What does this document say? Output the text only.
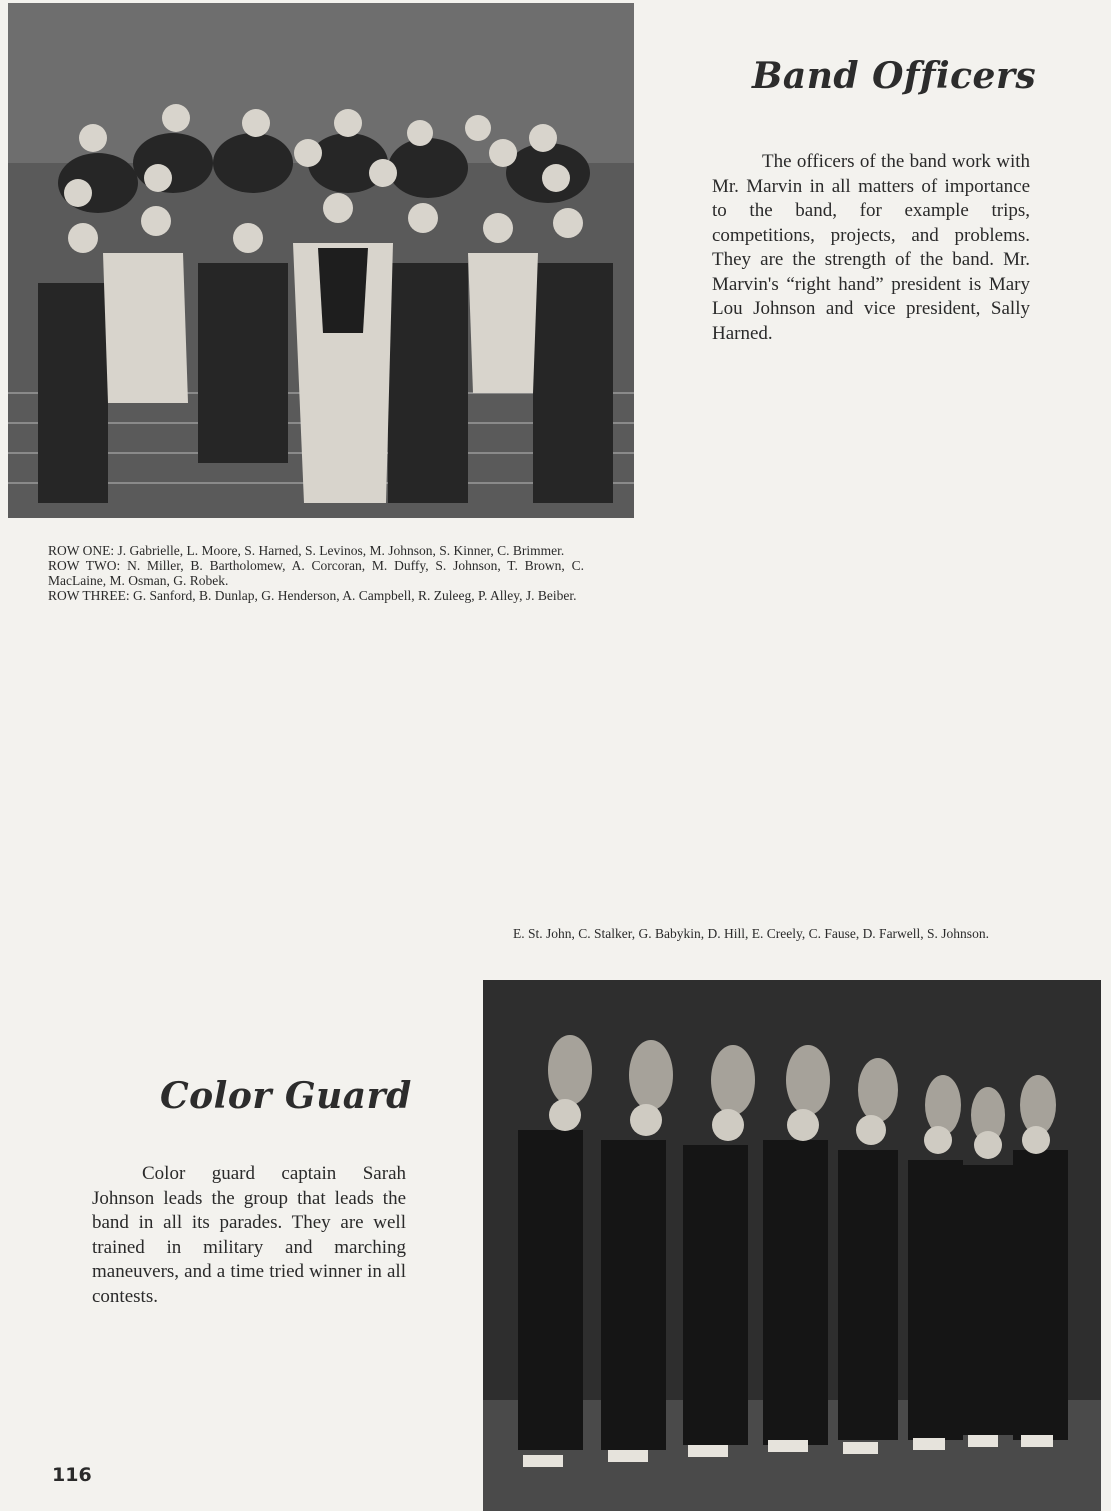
Band Officers

The officers of the band work with Mr. Marvin in all matters of importance to the band, for example trips, competitions, projects, and problems. They are the strength of the band. Mr. Marvin's “right hand” president is Mary Lou Johnson and vice president, Sally Harned.

ROW ONE: J. Gabrielle, L. Moore, S. Harned, S. Levinos, M. Johnson, S. Kinner, C. Brimmer.
ROW TWO: N. Miller, B. Bartholomew, A. Corcoran, M. Duffy, S. Johnson, T. Brown, C. MacLaine, M. Osman, G. Robek.
ROW THREE: G. Sanford, B. Dunlap, G. Henderson, A. Campbell, R. Zuleeg, P. Alley, J. Beiber.

E. St. John, C. Stalker, G. Babykin, D. Hill, E. Creely, C. Fause, D. Farwell, S. Johnson.

Color Guard

Color guard captain Sarah Johnson leads the group that leads the band in all its parades. They are well trained in military and marching maneuvers, and a time tried winner in all contests.

116
